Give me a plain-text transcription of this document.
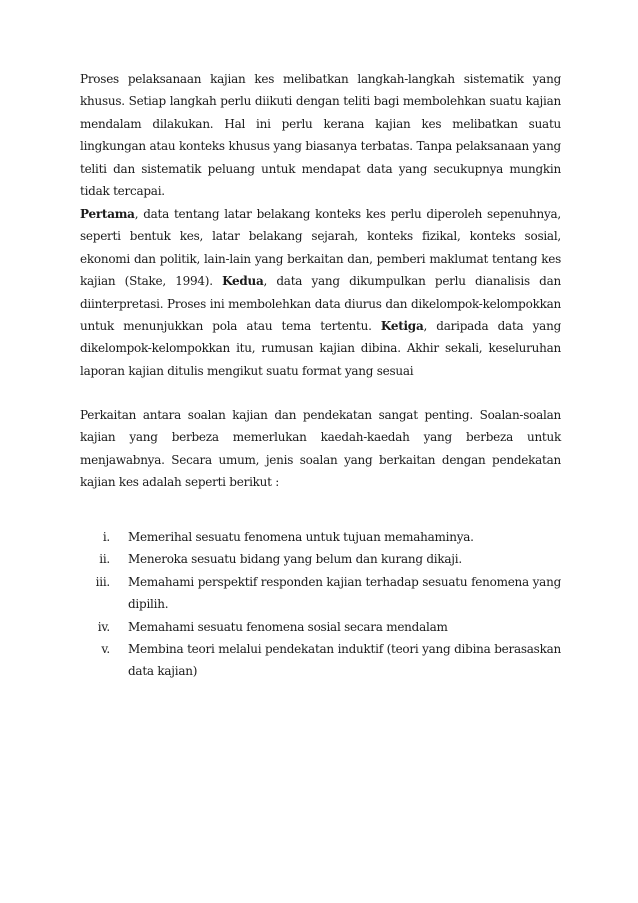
Proses pelaksanaan kajian kes melibatkan langkah-langkah sistematik yang khusus. Setiap langkah perlu diikuti dengan teliti bagi membolehkan suatu kajian mendalam dilakukan. Hal ini perlu kerana kajian kes melibatkan suatu lingkungan atau konteks khusus yang biasanya terbatas. Tanpa pelaksanaan yang teliti dan sistematik peluang untuk mendapat data yang secukupnya mungkin tidak tercapai.

Pertama, data tentang latar belakang konteks kes perlu diperoleh sepenuhnya, seperti bentuk kes, latar belakang sejarah, konteks fizikal, konteks sosial, ekonomi dan politik, lain-lain yang berkaitan dan, pemberi maklumat tentang kes kajian (Stake, 1994). Kedua, data yang dikumpulkan perlu dianalisis dan diinterpretasi. Proses ini membolehkan data diurus dan dikelompok-kelompokkan untuk menunjukkan pola atau tema tertentu. Ketiga, daripada data yang dikelompok-kelompokkan itu, rumusan kajian dibina. Akhir sekali, keseluruhan laporan kajian ditulis mengikut suatu format yang sesuai

Perkaitan antara soalan kajian dan pendekatan sangat penting. Soalan-soalan kajian yang berbeza memerlukan kaedah-kaedah yang berbeza untuk menjawabnya. Secara umum, jenis soalan yang berkaitan dengan pendekatan kajian kes adalah seperti berikut :

i. Memerihal sesuatu fenomena untuk tujuan memahaminya.
ii. Meneroka sesuatu bidang yang belum dan kurang dikaji.
iii. Memahami perspektif responden kajian terhadap sesuatu fenomena yang dipilih.
iv. Memahami sesuatu fenomena sosial secara mendalam
v. Membina teori melalui pendekatan induktif (teori yang dibina berasaskan data kajian)
